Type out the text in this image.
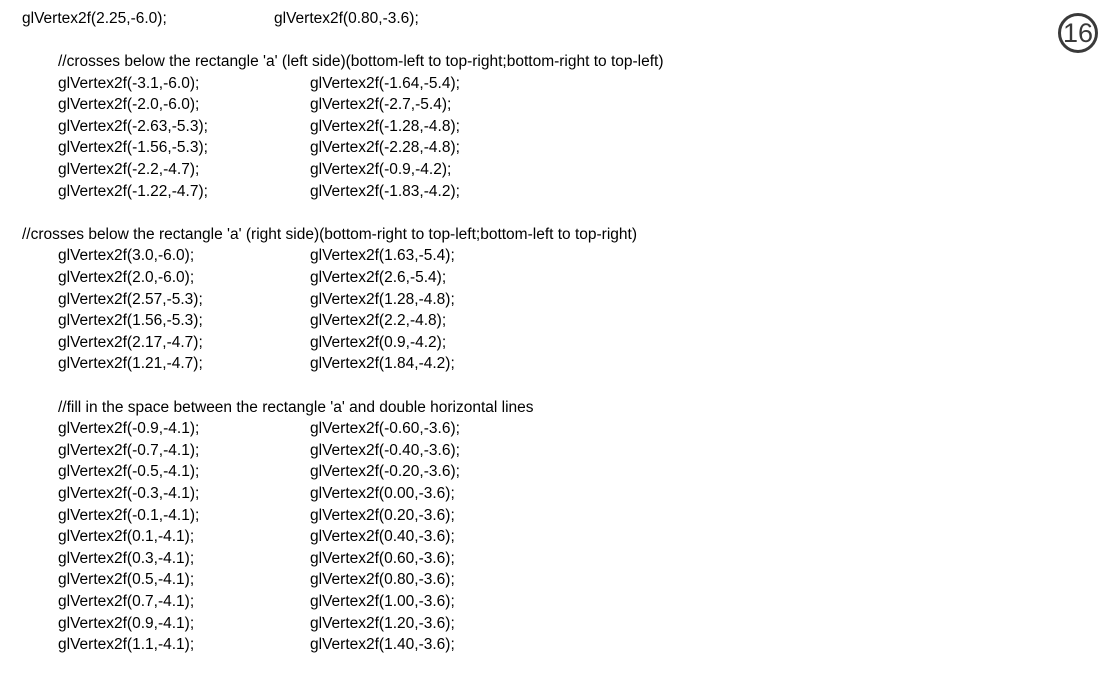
16
glVertex2f(2.25,-6.0);	glVertex2f(0.80,-3.6);
//crosses below the rectangle 'a' (left side)(bottom-left to top-right;bottom-right to top-left)
glVertex2f(-3.1,-6.0);	glVertex2f(-1.64,-5.4);
glVertex2f(-2.0,-6.0);	glVertex2f(-2.7,-5.4);
glVertex2f(-2.63,-5.3);	glVertex2f(-1.28,-4.8);
glVertex2f(-1.56,-5.3);	glVertex2f(-2.28,-4.8);
glVertex2f(-2.2,-4.7);	glVertex2f(-0.9,-4.2);
glVertex2f(-1.22,-4.7);	glVertex2f(-1.83,-4.2);
//crosses below the rectangle 'a' (right side)(bottom-right to top-left;bottom-left to top-right)
glVertex2f(3.0,-6.0);	glVertex2f(1.63,-5.4);
glVertex2f(2.0,-6.0);	glVertex2f(2.6,-5.4);
glVertex2f(2.57,-5.3);	glVertex2f(1.28,-4.8);
glVertex2f(1.56,-5.3);	glVertex2f(2.2,-4.8);
glVertex2f(2.17,-4.7);	glVertex2f(0.9,-4.2);
glVertex2f(1.21,-4.7);	glVertex2f(1.84,-4.2);
//fill in the space between the rectangle 'a' and double horizontal lines
glVertex2f(-0.9,-4.1);	glVertex2f(-0.60,-3.6);
glVertex2f(-0.7,-4.1);	glVertex2f(-0.40,-3.6);
glVertex2f(-0.5,-4.1);	glVertex2f(-0.20,-3.6);
glVertex2f(-0.3,-4.1);	glVertex2f(0.00,-3.6);
glVertex2f(-0.1,-4.1);	glVertex2f(0.20,-3.6);
glVertex2f(0.1,-4.1);	glVertex2f(0.40,-3.6);
glVertex2f(0.3,-4.1);	glVertex2f(0.60,-3.6);
glVertex2f(0.5,-4.1);	glVertex2f(0.80,-3.6);
glVertex2f(0.7,-4.1);	glVertex2f(1.00,-3.6);
glVertex2f(0.9,-4.1);	glVertex2f(1.20,-3.6);
glVertex2f(1.1,-4.1);	glVertex2f(1.40,-3.6);
